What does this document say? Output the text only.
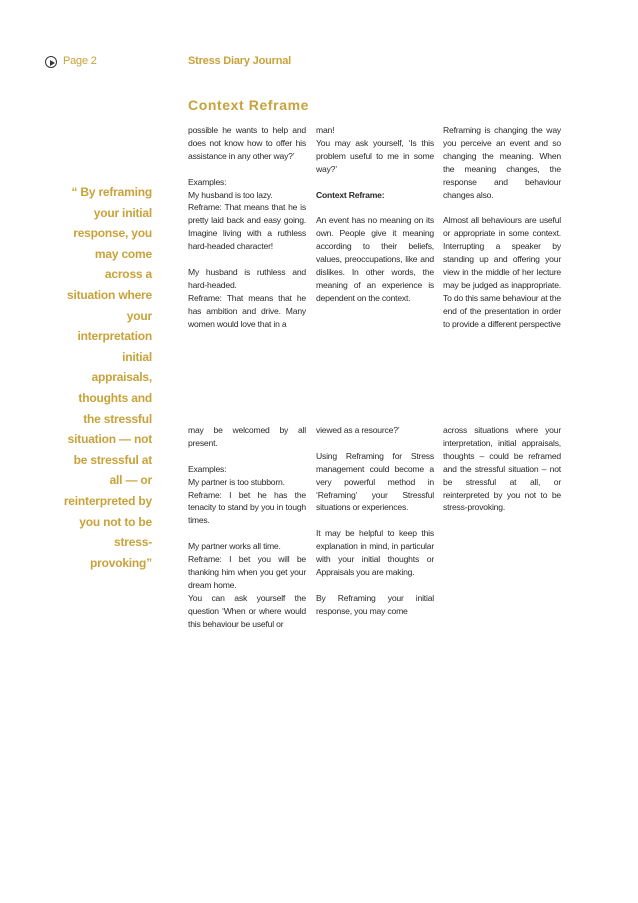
Page 2	Stress Diary Journal
Context Reframe
“ By reframing your initial response, you may come across a situation where your interpretation initial appraisals, thoughts and the stressful situation — not be stressful at all — or reinterpreted by you not to be stress-provoking”

possible he wants to help and does not know how to offer his assistance in any other way?’

Examples:

My husband is too lazy.

Reframe: That means that he is pretty laid back and easy going. Imagine living with a ruthless hard-headed character!

My husband is ruthless and hard-headed.

Reframe: That means that he has ambition and drive. Many women would love that in a

man!

You may ask yourself, ‘Is this problem useful to me in some way?’

Context Reframe:

An event has no meaning on its own. People give it meaning according to their beliefs, values, preoccupations, like and dislikes. In other words, the meaning of an experience is dependent on the context.

Reframing is changing the way you perceive an event and so changing the meaning. When the meaning changes, the response and behaviour changes also.

Almost all behaviours are useful or appropriate in some context. Interrupting a speaker by standing up and offering your view in the middle of her lecture may be judged as inappropriate. To do this same behaviour at the end of the presentation in order to provide a different perspective

may be welcomed by all present.

Examples:

My partner is too stubborn.

Reframe: I bet he has the tenacity to stand by you in tough times.

My partner works all time.

Reframe: I bet you will be thanking him when you get your dream home.

You can ask yourself the question ‘When or where would this behaviour be useful or

viewed as a resource?’

Using Reframing for Stress management could become a very powerful method in ‘Reframing’ your Stressful situations or experiences.

It may be helpful to keep this explanation in mind, in particular with your initial thoughts or Appraisals you are making.

By Reframing your initial response, you may come

across situations where your interpretation, initial appraisals, thoughts – could be reframed and the stressful situation – not be stressful at all, or reinterpreted by you not to be stress-provoking.
